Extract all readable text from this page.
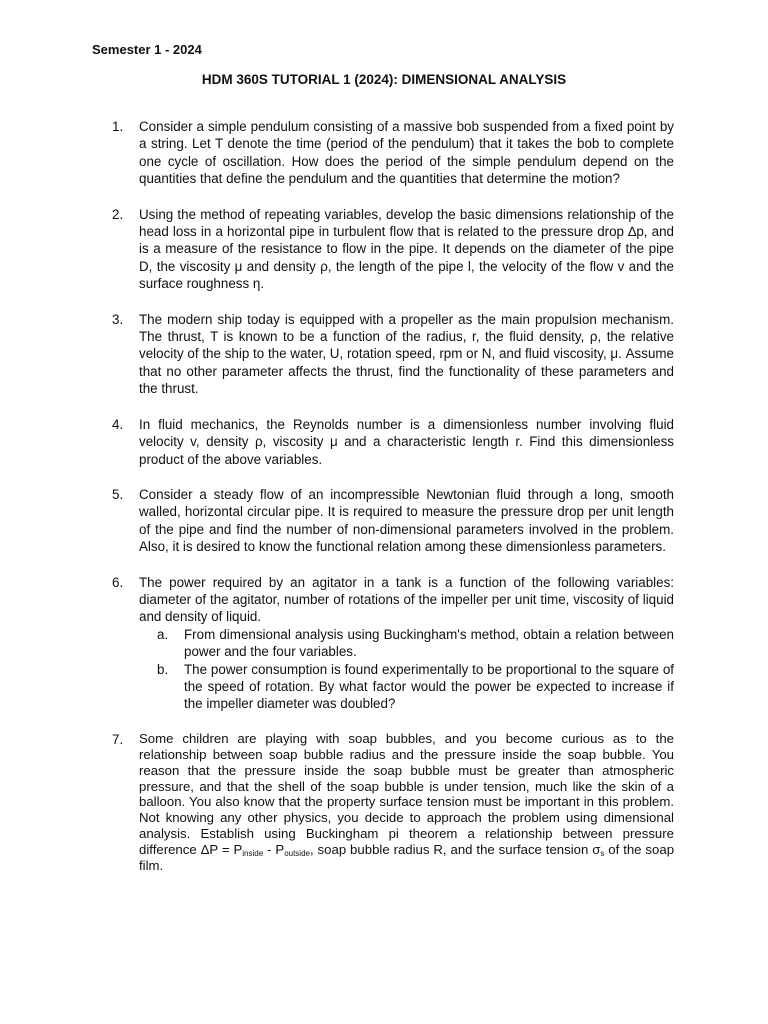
Semester 1 - 2024
HDM 360S TUTORIAL 1 (2024): DIMENSIONAL ANALYSIS
1. Consider a simple pendulum consisting of a massive bob suspended from a fixed point by a string. Let T denote the time (period of the pendulum) that it takes the bob to complete one cycle of oscillation. How does the period of the simple pendulum depend on the quantities that define the pendulum and the quantities that determine the motion?
2. Using the method of repeating variables, develop the basic dimensions relationship of the head loss in a horizontal pipe in turbulent flow that is related to the pressure drop ∆p, and is a measure of the resistance to flow in the pipe. It depends on the diameter of the pipe D, the viscosity μ and density ρ, the length of the pipe l, the velocity of the flow v and the surface roughness η.
3. The modern ship today is equipped with a propeller as the main propulsion mechanism. The thrust, T is known to be a function of the radius, r, the fluid density, ρ, the relative velocity of the ship to the water, U, rotation speed, rpm or N, and fluid viscosity, μ. Assume that no other parameter affects the thrust, find the functionality of these parameters and the thrust.
4. In fluid mechanics, the Reynolds number is a dimensionless number involving fluid velocity v, density ρ, viscosity μ and a characteristic length r. Find this dimensionless product of the above variables.
5. Consider a steady flow of an incompressible Newtonian fluid through a long, smooth walled, horizontal circular pipe. It is required to measure the pressure drop per unit length of the pipe and find the number of non-dimensional parameters involved in the problem. Also, it is desired to know the functional relation among these dimensionless parameters.
6. The power required by an agitator in a tank is a function of the following variables: diameter of the agitator, number of rotations of the impeller per unit time, viscosity of liquid and density of liquid.
a. From dimensional analysis using Buckingham's method, obtain a relation between power and the four variables.
b. The power consumption is found experimentally to be proportional to the square of the speed of rotation. By what factor would the power be expected to increase if the impeller diameter was doubled?
7. Some children are playing with soap bubbles, and you become curious as to the relationship between soap bubble radius and the pressure inside the soap bubble. You reason that the pressure inside the soap bubble must be greater than atmospheric pressure, and that the shell of the soap bubble is under tension, much like the skin of a balloon. You also know that the property surface tension must be important in this problem. Not knowing any other physics, you decide to approach the problem using dimensional analysis. Establish using Buckingham pi theorem a relationship between pressure difference $\Delta P = P_{inside} - P_{outside}$, soap bubble radius R, and the surface tension $\sigma_s$ of the soap film.
